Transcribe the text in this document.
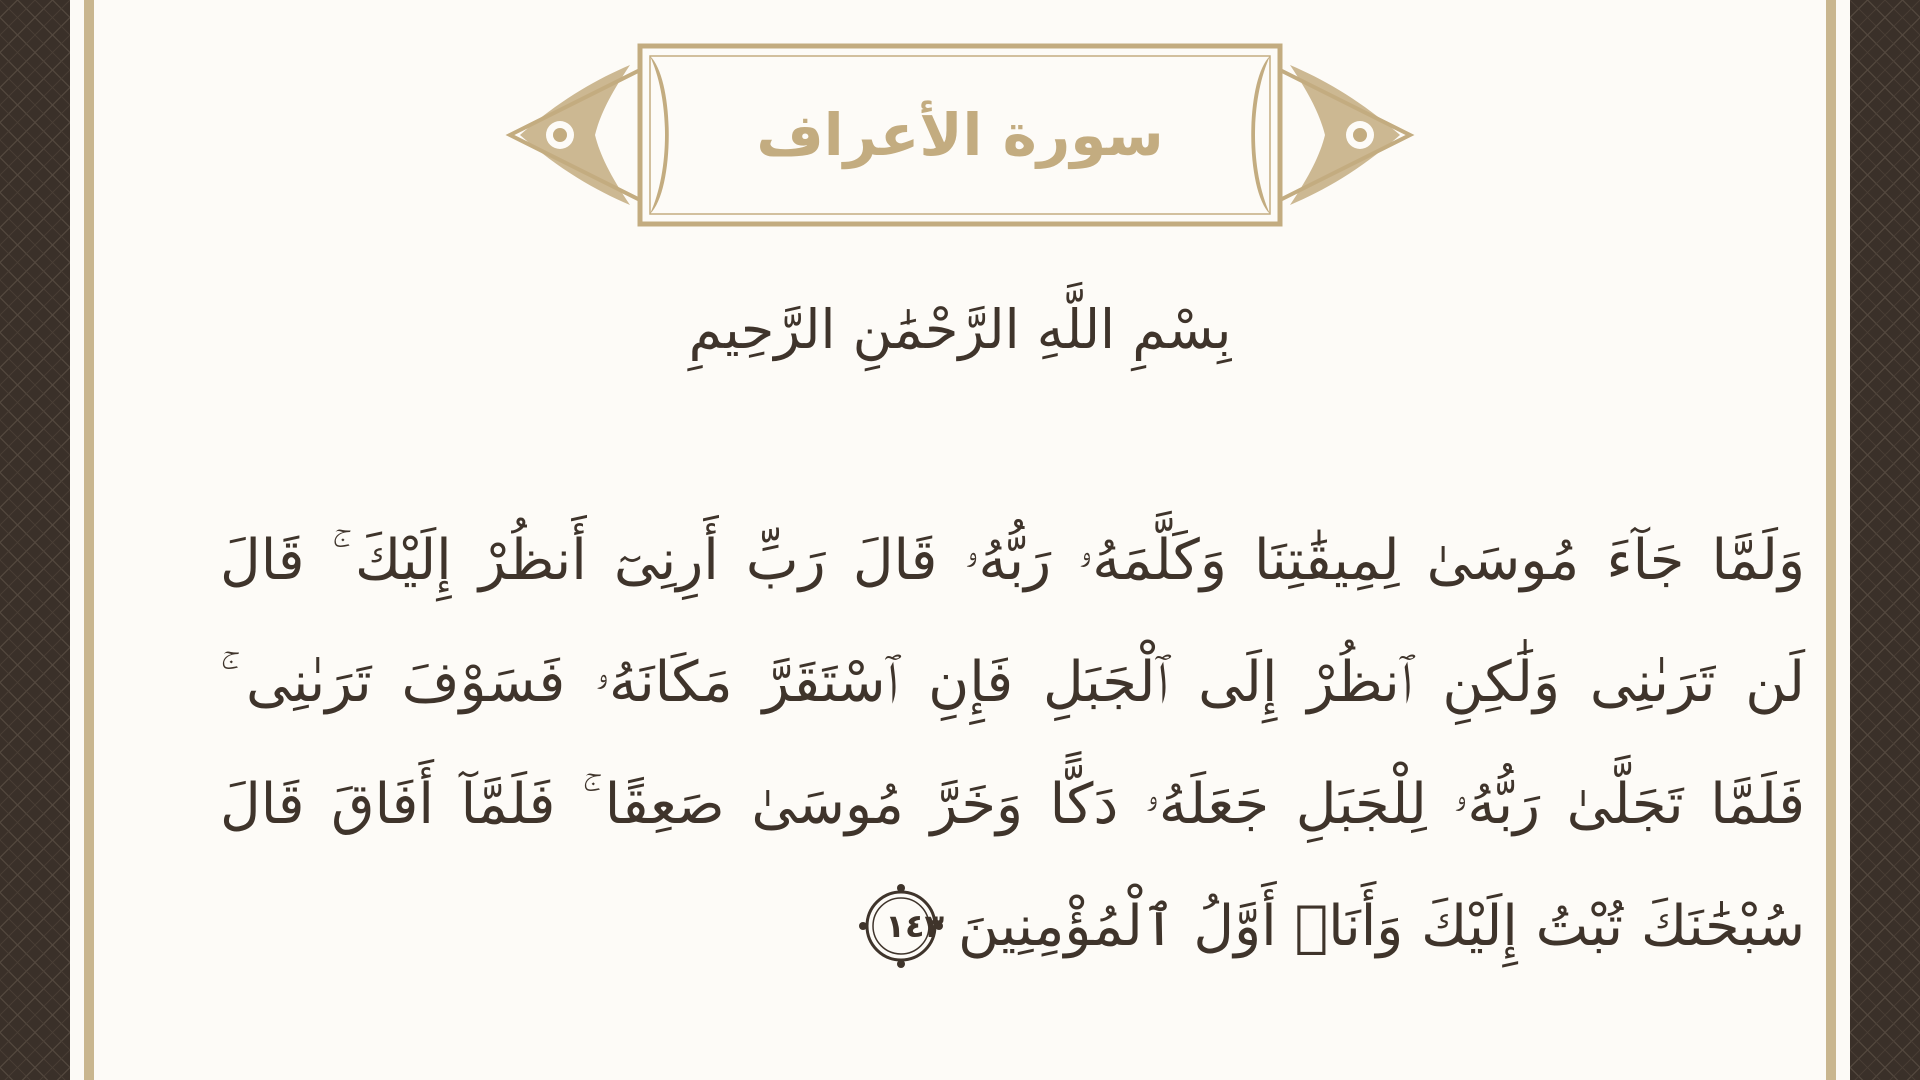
سورة الأعراف
بِسْمِ اللَّهِ الرَّحْمَٰنِ الرَّحِيمِ
وَلَمَّا جَآءَ مُوسَىٰ لِمِيقَٰتِنَا وَكَلَّمَهُۥ رَبُّهُۥ قَالَ رَبِّ أَرِنِىٓ أَنظُرْ إِلَيْكَ ۚ قَالَ
لَن تَرَىٰنِى وَلَٰكِنِ ٱنظُرْ إِلَى ٱلْجَبَلِ فَإِنِ ٱسْتَقَرَّ مَكَانَهُۥ فَسَوْفَ تَرَىٰنِى ۚ
فَلَمَّا تَجَلَّىٰ رَبُّهُۥ لِلْجَبَلِ جَعَلَهُۥ دَكًّا وَخَرَّ مُوسَىٰ صَعِقًا ۚ فَلَمَّآ أَفَاقَ قَالَ
سُبْحَٰنَكَ تُبْتُ إِلَيْكَ وَأَنَا۠ أَوَّلُ ٱلْمُؤْمِنِينَ
١٤٣
